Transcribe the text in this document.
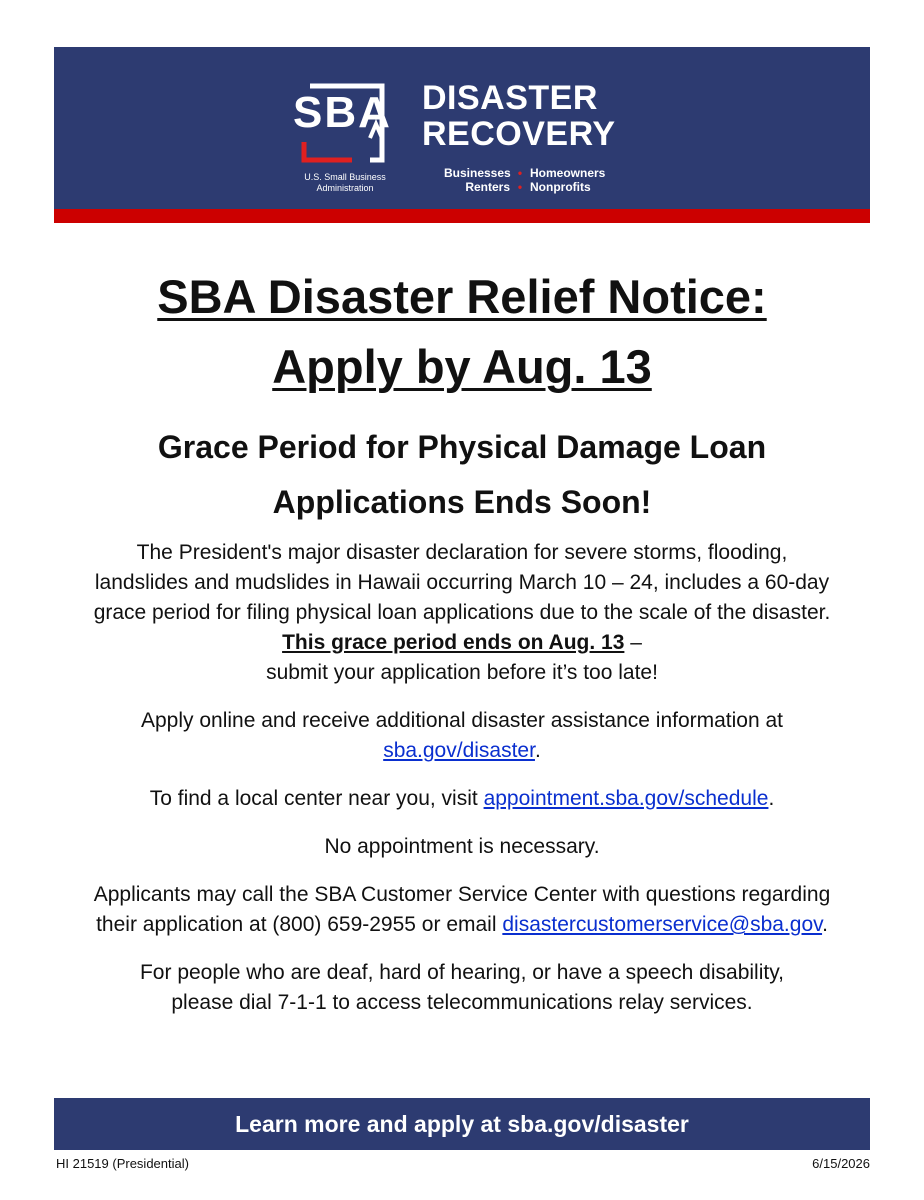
SBA
U.S. Small Business
Administration
DISASTER
RECOVERY
Businesses • Homeowners
Renters • Nonprofits
SBA Disaster Relief Notice:
Apply by Aug. 13
Grace Period for Physical Damage Loan
Applications Ends Soon!

The President's major disaster declaration for severe storms, flooding,
landslides and mudslides in Hawaii occurring March 10 – 24, includes a 60-day
grace period for filing physical loan applications due to the scale of the disaster.
This grace period ends on Aug. 13 –
submit your application before it’s too late!

Apply online and receive additional disaster assistance information at
sba.gov/disaster.

To find a local center near you, visit appointment.sba.gov/schedule.

No appointment is necessary.

Applicants may call the SBA Customer Service Center with questions regarding
their application at (800) 659-2955 or email disastercustomerservice@sba.gov.

For people who are deaf, hard of hearing, or have a speech disability,
please dial 7-1-1 to access telecommunications relay services.

Learn more and apply at sba.gov/disaster
HI 21519 (Presidential)	6/15/2026
